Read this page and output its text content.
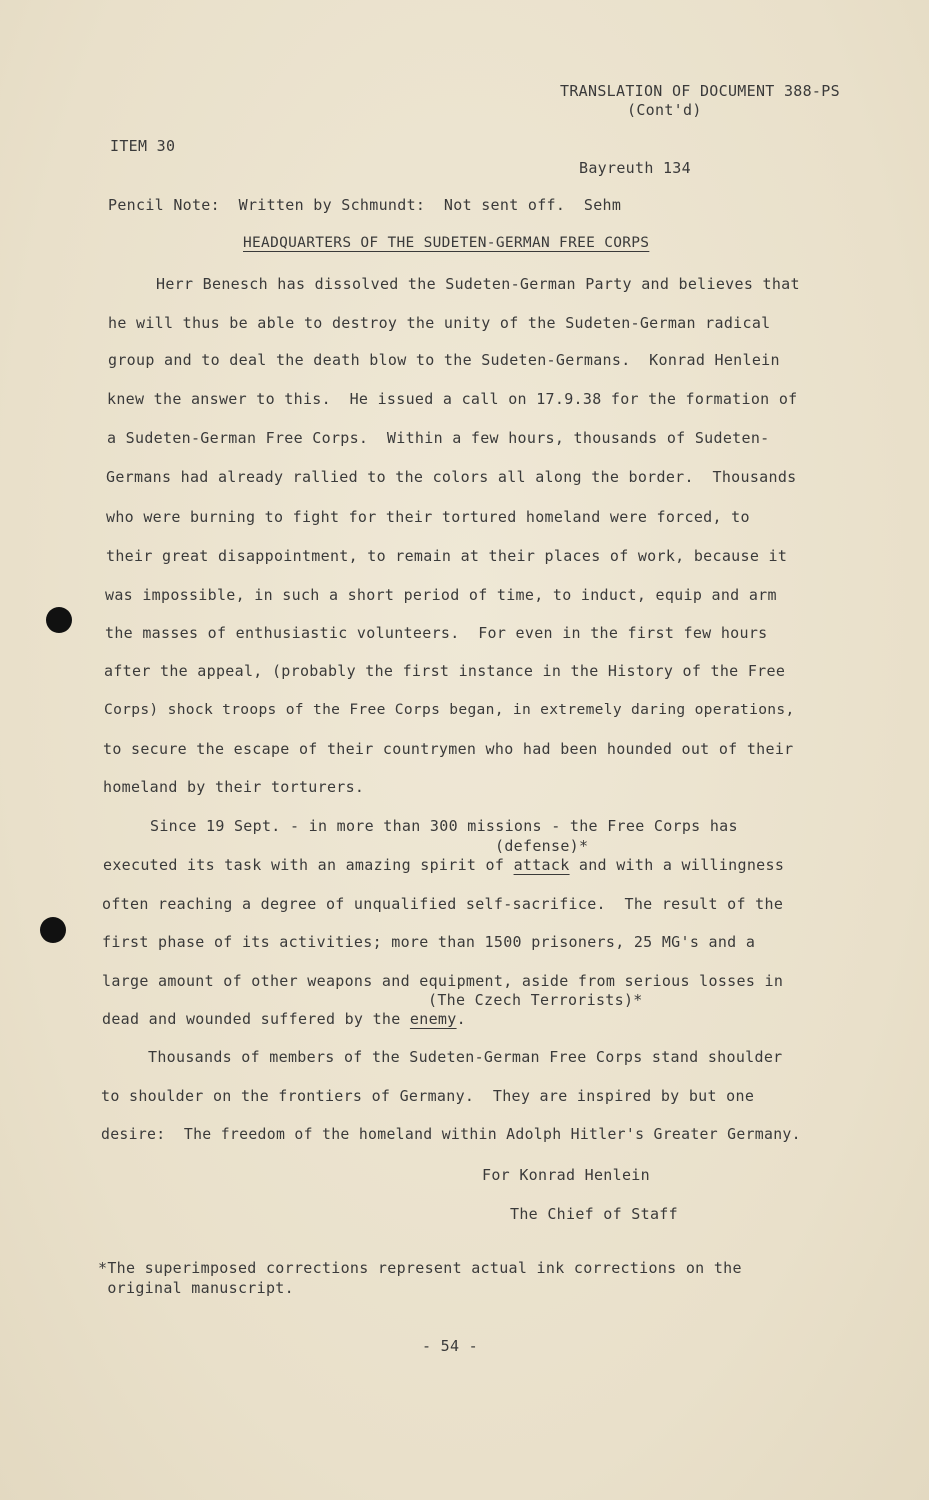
TRANSLATION OF DOCUMENT 388-PS
(Cont'd)
ITEM 30
Bayreuth 134
Pencil Note:  Written by Schmundt:  Not sent off.  Sehm
HEADQUARTERS OF THE SUDETEN-GERMAN FREE CORPS
Herr Benesch has dissolved the Sudeten-German Party and believes that
he will thus be able to destroy the unity of the Sudeten-German radical
group and to deal the death blow to the Sudeten-Germans.  Konrad Henlein
knew the answer to this.  He issued a call on 17.9.38 for the formation of
a Sudeten-German Free Corps.  Within a few hours, thousands of Sudeten-
Germans had already rallied to the colors all along the border.  Thousands
who were burning to fight for their tortured homeland were forced, to
their great disappointment, to remain at their places of work, because it
was impossible, in such a short period of time, to induct, equip and arm
the masses of enthusiastic volunteers.  For even in the first few hours
after the appeal, (probably the first instance in the History of the Free
Corps) shock troops of the Free Corps began, in extremely daring operations,
to secure the escape of their countrymen who had been hounded out of their
homeland by their torturers.
Since 19 Sept. - in more than 300 missions - the Free Corps has
(defense)*
executed its task with an amazing spirit of attack and with a willingness
often reaching a degree of unqualified self-sacrifice.  The result of the
first phase of its activities; more than 1500 prisoners, 25 MG's and a
large amount of other weapons and equipment, aside from serious losses in
(The Czech Terrorists)*
dead and wounded suffered by the enemy.
Thousands of members of the Sudeten-German Free Corps stand shoulder
to shoulder on the frontiers of Germany.  They are inspired by but one
desire:  The freedom of the homeland within Adolph Hitler's Greater Germany.
For Konrad Henlein
The Chief of Staff
*The superimposed corrections represent actual ink corrections on the
original manuscript.
- 54 -
